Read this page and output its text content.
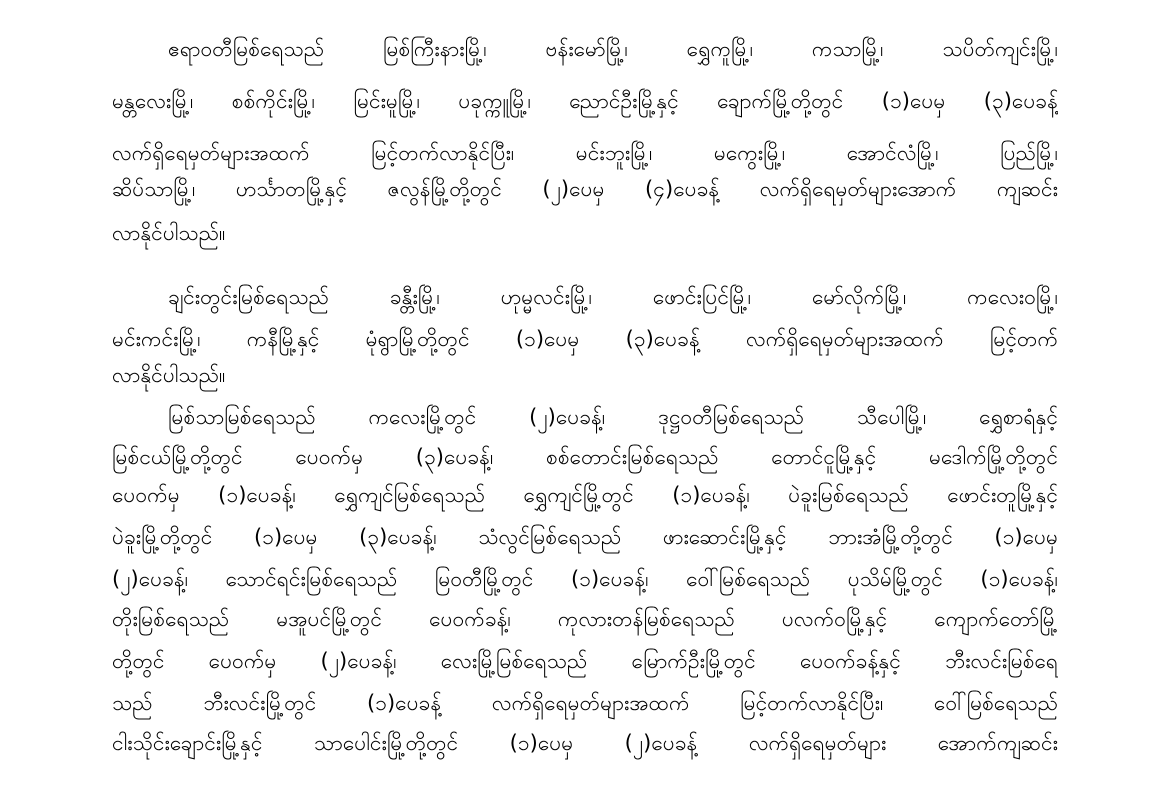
ဧရာဝတီမြစ်ရေသည် မြစ်ကြီးနားမြို့၊ ဗန်းမော်မြို့၊ ရွှေကူမြို့၊ ကသာမြို့၊ သပိတ်ကျင်းမြို့၊
မန္တလေးမြို့၊ စစ်ကိုင်းမြို့၊ မြင်းမူမြို့၊ ပခုက္ကူမြို့၊ ညောင်ဦးမြို့နှင့် ချောက်မြို့တို့တွင် (၁)ပေမှ (၃)ပေခန့်
လက်ရှိရေမှတ်များအထက် မြင့်တက်လာနိုင်ပြီး၊ မင်းဘူးမြို့၊ မကွေးမြို့၊ အောင်လံမြို့၊ ပြည်မြို့၊
ဆိပ်သာမြို့၊ ဟင်္သာတမြို့နှင့် ဇလွန်မြို့တို့တွင် (၂)ပေမှ (၄)ပေခန့် လက်ရှိရေမှတ်များအောက် ကျဆင်း
လာနိုင်ပါသည်။
ချင်းတွင်းမြစ်ရေသည် ခန္တီးမြို့၊ ဟုမ္မလင်းမြို့၊ ဖောင်းပြင်မြို့၊ မော်လိုက်မြို့၊ ကလေးဝမြို့၊
မင်းကင်းမြို့၊ ကနီမြို့နှင့် မုံရွာမြို့တို့တွင် (၁)ပေမှ (၃)ပေခန့် လက်ရှိရေမှတ်များအထက် မြင့်တက်
လာနိုင်ပါသည်။
မြစ်သာမြစ်ရေသည် ကလေးမြို့တွင် (၂)ပေခန့်၊ ဒုဋ္ဌဝတီမြစ်ရေသည် သီပေါမြို့၊ ရွှေစာရံနှင့်
မြစ်ငယ်မြို့တို့တွင် ပေဝက်မှ (၃)ပေခန့်၊ စစ်တောင်းမြစ်ရေသည် တောင်ငူမြို့နှင့် မဒေါက်မြို့တို့တွင်
ပေဝက်မှ (၁)ပေခန့်၊ ရွှေကျင်မြစ်ရေသည် ရွှေကျင်မြို့တွင် (၁)ပေခန့်၊ ပဲခူးမြစ်ရေသည် ဖောင်းတူမြို့နှင့်
ပဲခူးမြို့တို့တွင် (၁)ပေမှ (၃)ပေခန့်၊ သံလွင်မြစ်ရေသည် ဖားဆောင်းမြို့နှင့် ဘားအံမြို့တို့တွင် (၁)ပေမှ
(၂)ပေခန့်၊ သောင်ရင်းမြစ်ရေသည် မြဝတီမြို့တွင် (၁)ပေခန့်၊ ဝေါ်မြစ်ရေသည် ပုသိမ်မြို့တွင် (၁)ပေခန့်၊
တိုးမြစ်ရေသည် မအူပင်မြို့တွင် ပေဝက်ခန့်၊ ကုလားတန်မြစ်ရေသည် ပလက်ဝမြို့နှင့် ကျောက်တော်မြို့
တို့တွင် ပေဝက်မှ (၂)ပေခန့်၊ လေးမြို့မြစ်ရေသည် မြောက်ဦးမြို့တွင် ပေဝက်ခန့်နှင့် ဘီးလင်းမြစ်ရေ
သည် ဘီးလင်းမြို့တွင် (၁)ပေခန့် လက်ရှိရေမှတ်များအထက် မြင့်တက်လာနိုင်ပြီး၊ ဝေါ်မြစ်ရေသည်
ငါးသိုင်းချောင်းမြို့နှင့် သာပေါင်းမြို့တို့တွင် (၁)ပေမှ (၂)ပေခန့် လက်ရှိရေမှတ်များ အောက်ကျဆင်း
